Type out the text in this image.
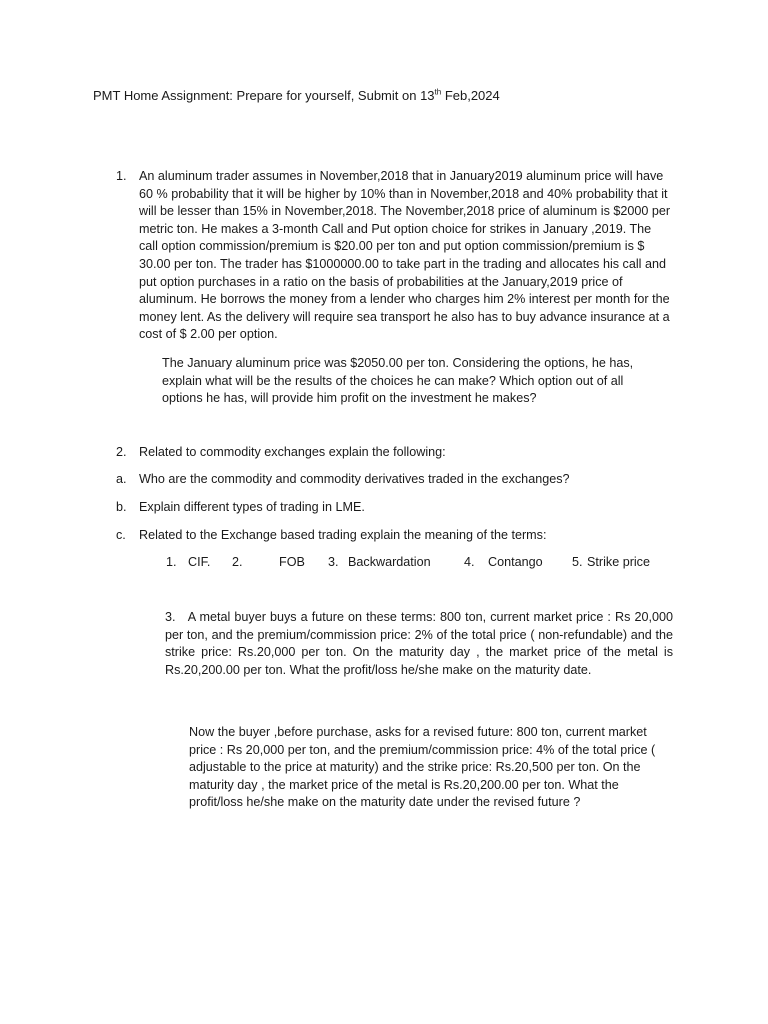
PMT Home Assignment: Prepare for yourself, Submit on 13th Feb,2024
1. An aluminum trader assumes in November,2018 that in January2019 aluminum price will have 60 % probability that it will be higher by 10% than in November,2018 and 40% probability that it will be lesser than 15% in November,2018. The November,2018 price of aluminum is $2000 per metric ton. He makes a 3-month Call and Put option choice for strikes in January ,2019. The call option commission/premium is $20.00 per ton and put option commission/premium is $ 30.00 per ton. The trader has $1000000.00 to take part in the trading and allocates his call and put option purchases in a ratio on the basis of probabilities at the January,2019 price of aluminum. He borrows the money from a lender who charges him 2% interest per month for the money lent. As the delivery will require sea transport he also has to buy advance insurance at a cost of $ 2.00 per option.
The January aluminum price was $2050.00 per ton. Considering the options, he has, explain what will be the results of the choices he can make? Which option out of all options he has, will provide him profit on the investment he makes?
2. Related to commodity exchanges explain the following:
a. Who are the commodity and commodity derivatives traded in the exchanges?
b. Explain different types of trading in LME.
c.	Related to the Exchange based trading explain the meaning of the terms:
1. CIF. 2.	FOB 3. Backwardation	4. Contango 5. Strike price
3. A metal buyer buys a future on these terms: 800 ton, current market price : Rs 20,000 per ton, and the premium/commission price: 2% of the total price ( non-refundable) and the strike price: Rs.20,000 per ton. On the maturity day , the market price of the metal is Rs.20,200.00 per ton. What the profit/loss he/she make on the maturity date.
Now the buyer ,before purchase, asks for a revised future: 800 ton, current market price : Rs 20,000 per ton, and the premium/commission price: 4% of the total price ( adjustable to the price at maturity) and the strike price: Rs.20,500 per ton. On the maturity day , the market price of the metal is Rs.20,200.00 per ton. What the profit/loss he/she make on the maturity date under the revised future ?
